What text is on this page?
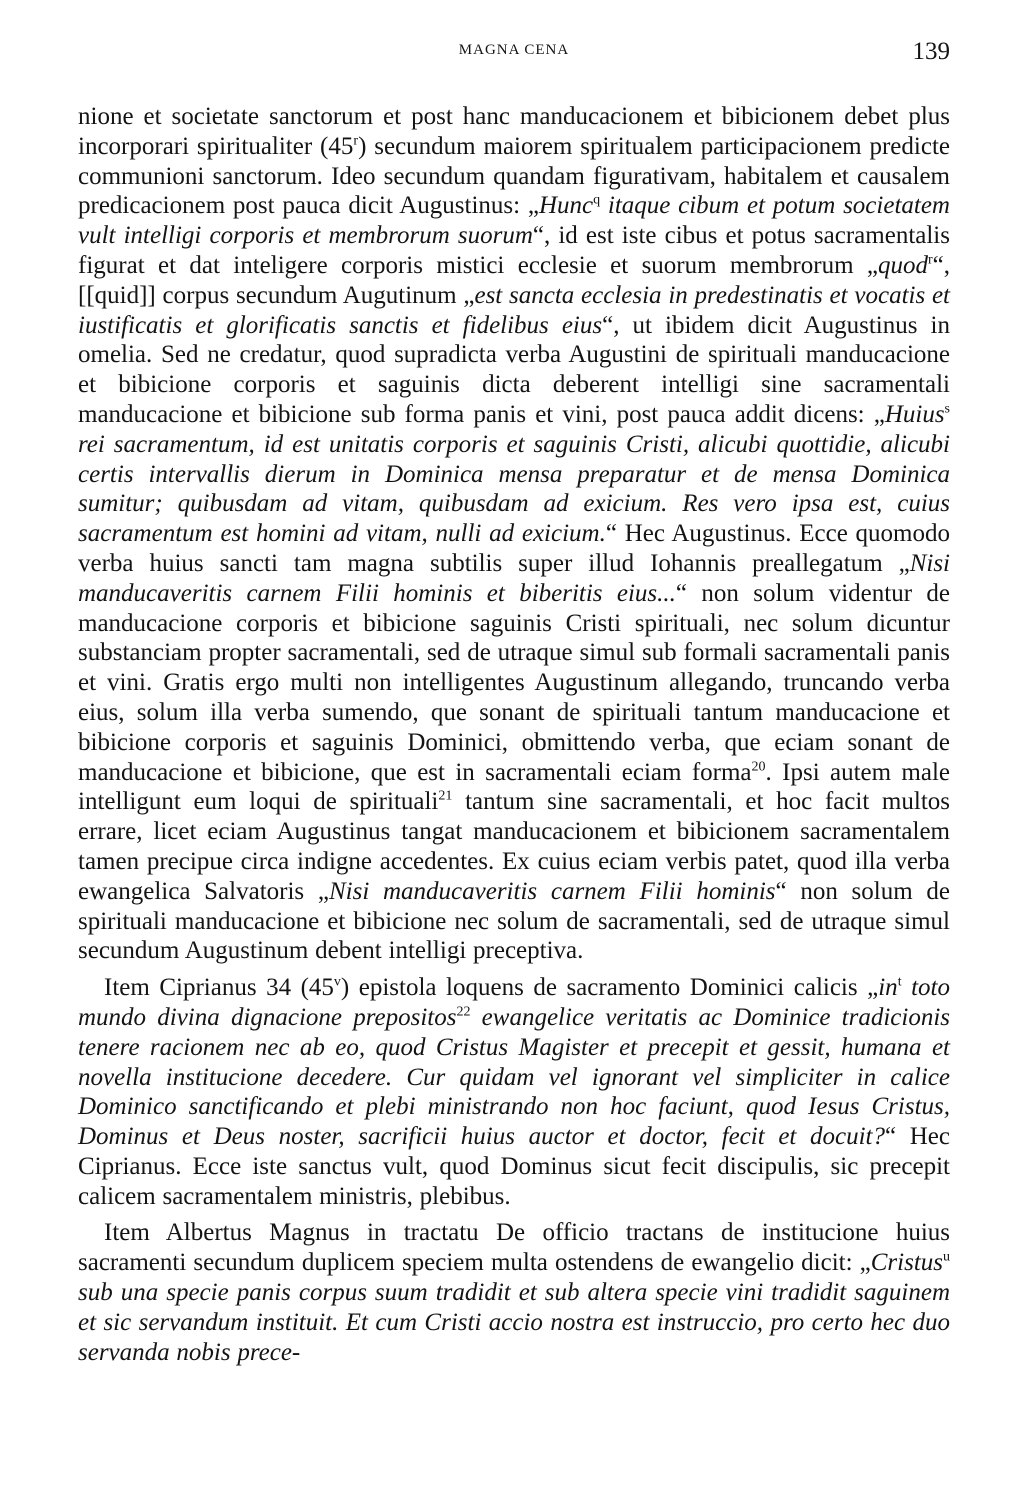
MAGNA CENA	139

nione et societate sanctorum et post hanc manducacionem et bibicionem debet plus incorporari spiritualiter (45$^r$) secundum maiorem spiritualem participacionem predicte communioni sanctorum. Ideo secundum quandam figurativam, habitalem et causalem predicacionem post pauca dicit Augustinus: „Hunc$^q$ itaque cibum et potum societatem vult intelligi corporis et membrorum suorum“, id est iste cibus et potus sacramentalis figurat et dat inteligere corporis mistici ecclesie et suorum membrorum „quod$^r$“, [[quid]] corpus secundum Augutinum „est sancta ecclesia in predestinatis et vocatis et iustificatis et glorificatis sanctis et fidelibus eius“, ut ibidem dicit Augustinus in omelia. Sed ne credatur, quod supradicta verba Augustini de spirituali manducacione et bibicione corporis et saguinis dicta deberent intelligi sine sacramentali manducacione et bibicione sub forma panis et vini, post pauca addit dicens: „Huius$^s$ rei sacramentum, id est unitatis corporis et saguinis Cristi, alicubi quottidie, alicubi certis intervallis dierum in Dominica mensa preparatur et de mensa Dominica sumitur; quibusdam ad vitam, quibusdam ad exicium. Res vero ipsa est, cuius sacramentum est homini ad vitam, nulli ad exicium.“ Hec Augustinus. Ecce quomodo verba huius sancti tam magna subtilis super illud Iohannis preallegatum „Nisi manducaveritis carnem Filii hominis et biberitis eius...“ non solum videntur de manducacione corporis et bibicione saguinis Cristi spirituali, nec solum dicuntur substanciam propter sacramentali, sed de utraque simul sub formali sacramentali panis et vini. Gratis ergo multi non intelligentes Augustinum allegando, truncando verba eius, solum illa verba sumendo, que sonant de spirituali tantum manducacione et bibicione corporis et saguinis Dominici, obmittendo verba, que eciam sonant de manducacione et bibicione, que est in sacramentali eciam forma$^{20}$. Ipsi autem male intelligunt eum loqui de spirituali$^{21}$ tantum sine sacramentali, et hoc facit multos errare, licet eciam Augustinus tangat manducacionem et bibicionem sacramentalem tamen precipue circa indigne accedentes. Ex cuius eciam verbis patet, quod illa verba ewangelica Salvatoris „Nisi manducaveritis carnem Filii hominis“ non solum de spirituali manducacione et bibicione nec solum de sacramentali, sed de utraque simul secundum Augustinum debent intelligi preceptiva.

Item Ciprianus 34 (45$^v$) epistola loquens de sacramento Dominici calicis $„in^t$ toto mundo divina dignacione prepositos$^{22}$ ewangelice veritatis ac Dominice tradicionis tenere racionem nec ab eo, quod Cristus Magister et precepit et gessit, humana et novella institucione decedere. Cur quidam vel ignorant vel simpliciter in calice Dominico sanctificando et plebi ministrando non hoc faciunt, quod Iesus Cristus, Dominus et Deus noster, sacrificii huius auctor et doctor, fecit et docuit?“ Hec Ciprianus. Ecce iste sanctus vult, quod Dominus sicut fecit discipulis, sic precepit calicem sacramentalem ministris, plebibus.

Item Albertus Magnus in tractatu De officio tractans de institucione huius sacramenti secundum duplicem speciem multa ostendens de ewangelio dicit: „Cristus$^u$ sub una specie panis corpus suum tradidit et sub altera specie vini tradidit saguinem et sic servandum instituit. Et cum Cristi accio nostra est instruccio, pro certo hec duo servanda nobis prece-
